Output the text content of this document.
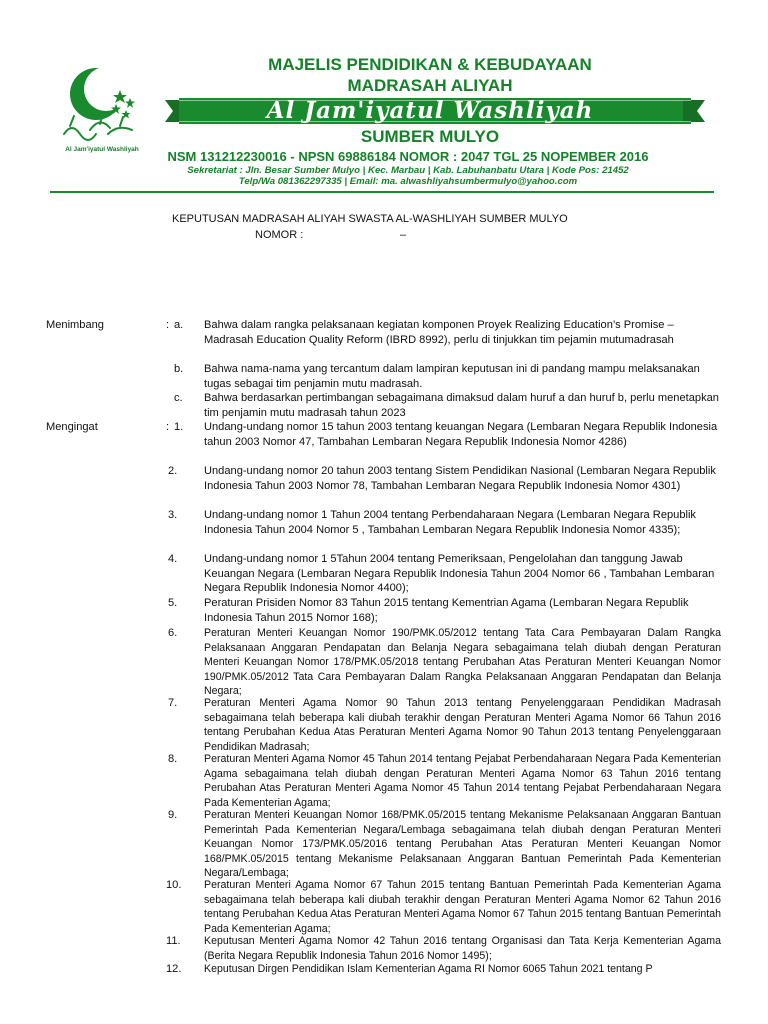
Al Jam'iyatul Washliyah
MAJELIS PENDIDIKAN & KEBUDAYAAN
MADRASAH ALIYAH
Al Jam'iyatul Washliyah
SUMBER MULYO
NSM 131212230016 - NPSN 69886184 NOMOR : 2047 TGL 25 NOPEMBER 2016
Sekretariat : Jln. Besar Sumber Mulyo | Kec. Marbau | Kab. Labuhanbatu Utara | Kode Pos: 21452
Telp/Wa 081362297335 | Email: ma. alwashliyahsumbermulyo@yahoo.com
KEPUTUSAN MADRASAH ALIYAH SWASTA AL-WASHLIYAH SUMBER MULYO
NOMOR :	–
Menimbang	: a. Bahwa dalam rangka pelaksanaan kegiatan komponen Proyek Realizing Education’s Promise – Madrasah Education Quality Reform (IBRD 8992), perlu di tinjukkan tim pejamin mutumadrasah
b. Bahwa nama-nama yang tercantum dalam lampiran keputusan ini di pandang mampu melaksanakan tugas sebagai tim penjamin mutu madrasah.
c. Bahwa berdasarkan pertimbangan sebagaimana dimaksud dalam huruf a dan huruf b, perlu menetapkan tim penjamin mutu madrasah tahun 2023
Mengingat	: 1. Undang-undang nomor 15 tahun 2003 tentang keuangan Negara (Lembaran Negara Republik Indonesia tahun 2003 Nomor 47, Tambahan Lembaran Negara Republik Indonesia Nomor 4286)
2. Undang-undang nomor 20 tahun 2003 tentang Sistem Pendidikan Nasional (Lembaran Negara Republik Indonesia Tahun 2003 Nomor 78, Tambahan Lembaran Negara Republik Indonesia Nomor 4301)
3. Undang-undang nomor 1 Tahun 2004 tentang Perbendaharaan Negara (Lembaran Negara Republik Indonesia Tahun 2004 Nomor 5 , Tambahan Lembaran Negara Republik Indonesia Nomor 4335);
4. Undang-undang nomor 1 5Tahun 2004 tentang Pemeriksaan, Pengelolahan dan tanggung Jawab Keuangan Negara (Lembaran Negara Republik Indonesia Tahun 2004 Nomor 66 , Tambahan Lembaran Negara Republik Indonesia Nomor 4400);
5. Peraturan Prisiden Nomor 83 Tahun 2015 tentang Kementrian Agama (Lembaran Negara Republik Indonesia Tahun 2015 Nomor 168);
6.	Peraturan Menteri Keuangan Nomor 190/PMK.05/2012 tentang Tata Cara Pembayaran Dalam Rangka Pelaksanaan Anggaran Pendapatan dan Belanja Negara sebagaimana telah diubah dengan Peraturan Menteri Keuangan Nomor 178/PMK.05/2018 tentang Perubahan Atas Peraturan Menteri Keuangan Nomor 190/PMK.05/2012 Tata Cara Pembayaran Dalam Rangka Pelaksanaan Anggaran Pendapatan dan Belanja Negara;
7.	Peraturan Menteri Agama Nomor 90 Tahun 2013 tentang Penyelenggaraan Pendidikan Madrasah sebagaimana telah beberapa kali diubah terakhir dengan Peraturan Menteri Agama Nomor 66 Tahun 2016 tentang Perubahan Kedua Atas Peraturan Menteri Agama Nomor 90 Tahun 2013 tentang Penyelenggaraan Pendidikan Madrasah;
8.	Peraturan Menteri Agama Nomor 45 Tahun 2014 tentang Pejabat Perbendaharaan Negara Pada Kementerian Agama sebagaimana telah diubah dengan Peraturan Menteri Agama Nomor 63 Tahun 2016 tentang Perubahan Atas Peraturan Menteri Agama Nomor 45 Tahun 2014 tentang Pejabat Perbendaharaan Negara Pada Kementerian Agama;
9.	Peraturan Menteri Keuangan Nomor 168/PMK.05/2015 tentang Mekanisme Pelaksanaan Anggaran Bantuan Pemerintah Pada Kementerian Negara/Lembaga sebagaimana telah diubah dengan Peraturan Menteri Keuangan Nomor 173/PMK.05/2016 tentang Perubahan Atas Peraturan Menteri Keuangan Nomor 168/PMK.05/2015 tentang Mekanisme Pelaksanaan Anggaran Bantuan Pemerintah Pada Kementerian Negara/Lembaga;
10. Peraturan Menteri Agama Nomor 67 Tahun 2015 tentang Bantuan Pemerintah Pada Kementerian Agama sebagaimana telah beberapa kali diubah terakhir dengan Peraturan Menteri Agama Nomor 62 Tahun 2016 tentang Perubahan Kedua Atas Peraturan Menteri Agama Nomor 67 Tahun 2015 tentang Bantuan Pemerintah Pada Kementerian Agama;
11. Keputusan Menteri Agama Nomor 42 Tahun 2016 tentang Organisasi dan Tata Kerja Kementerian Agama (Berita Negara Republik Indonesia Tahun 2016 Nomor 1495);
12. Keputusan Dirgen Pendidikan Islam Kementerian Agama RI Nomor 6065 Tahun 2021 tentang P
